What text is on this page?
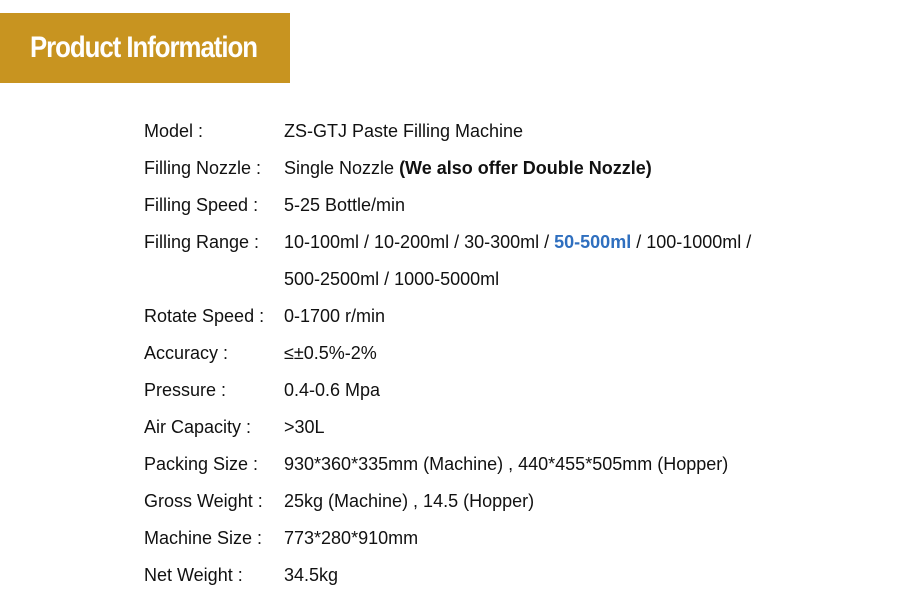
Product Information
Model :	ZS-GTJ Paste Filling Machine
Filling Nozzle :	Single Nozzle (We also offer Double Nozzle)
Filling Speed :	5-25 Bottle/min
Filling Range :	10-100ml / 10-200ml / 30-300ml / 50-500ml / 100-1000ml /
500-2500ml / 1000-5000ml
Rotate Speed :	0-1700 r/min
Accuracy :	≤±0.5%-2%
Pressure :	0.4-0.6 Mpa
Air Capacity :	>30L
Packing Size :	930*360*335mm (Machine) , 440*455*505mm (Hopper)
Gross Weight :	25kg (Machine) , 14.5 (Hopper)
Machine Size :	773*280*910mm
Net Weight :	34.5kg
